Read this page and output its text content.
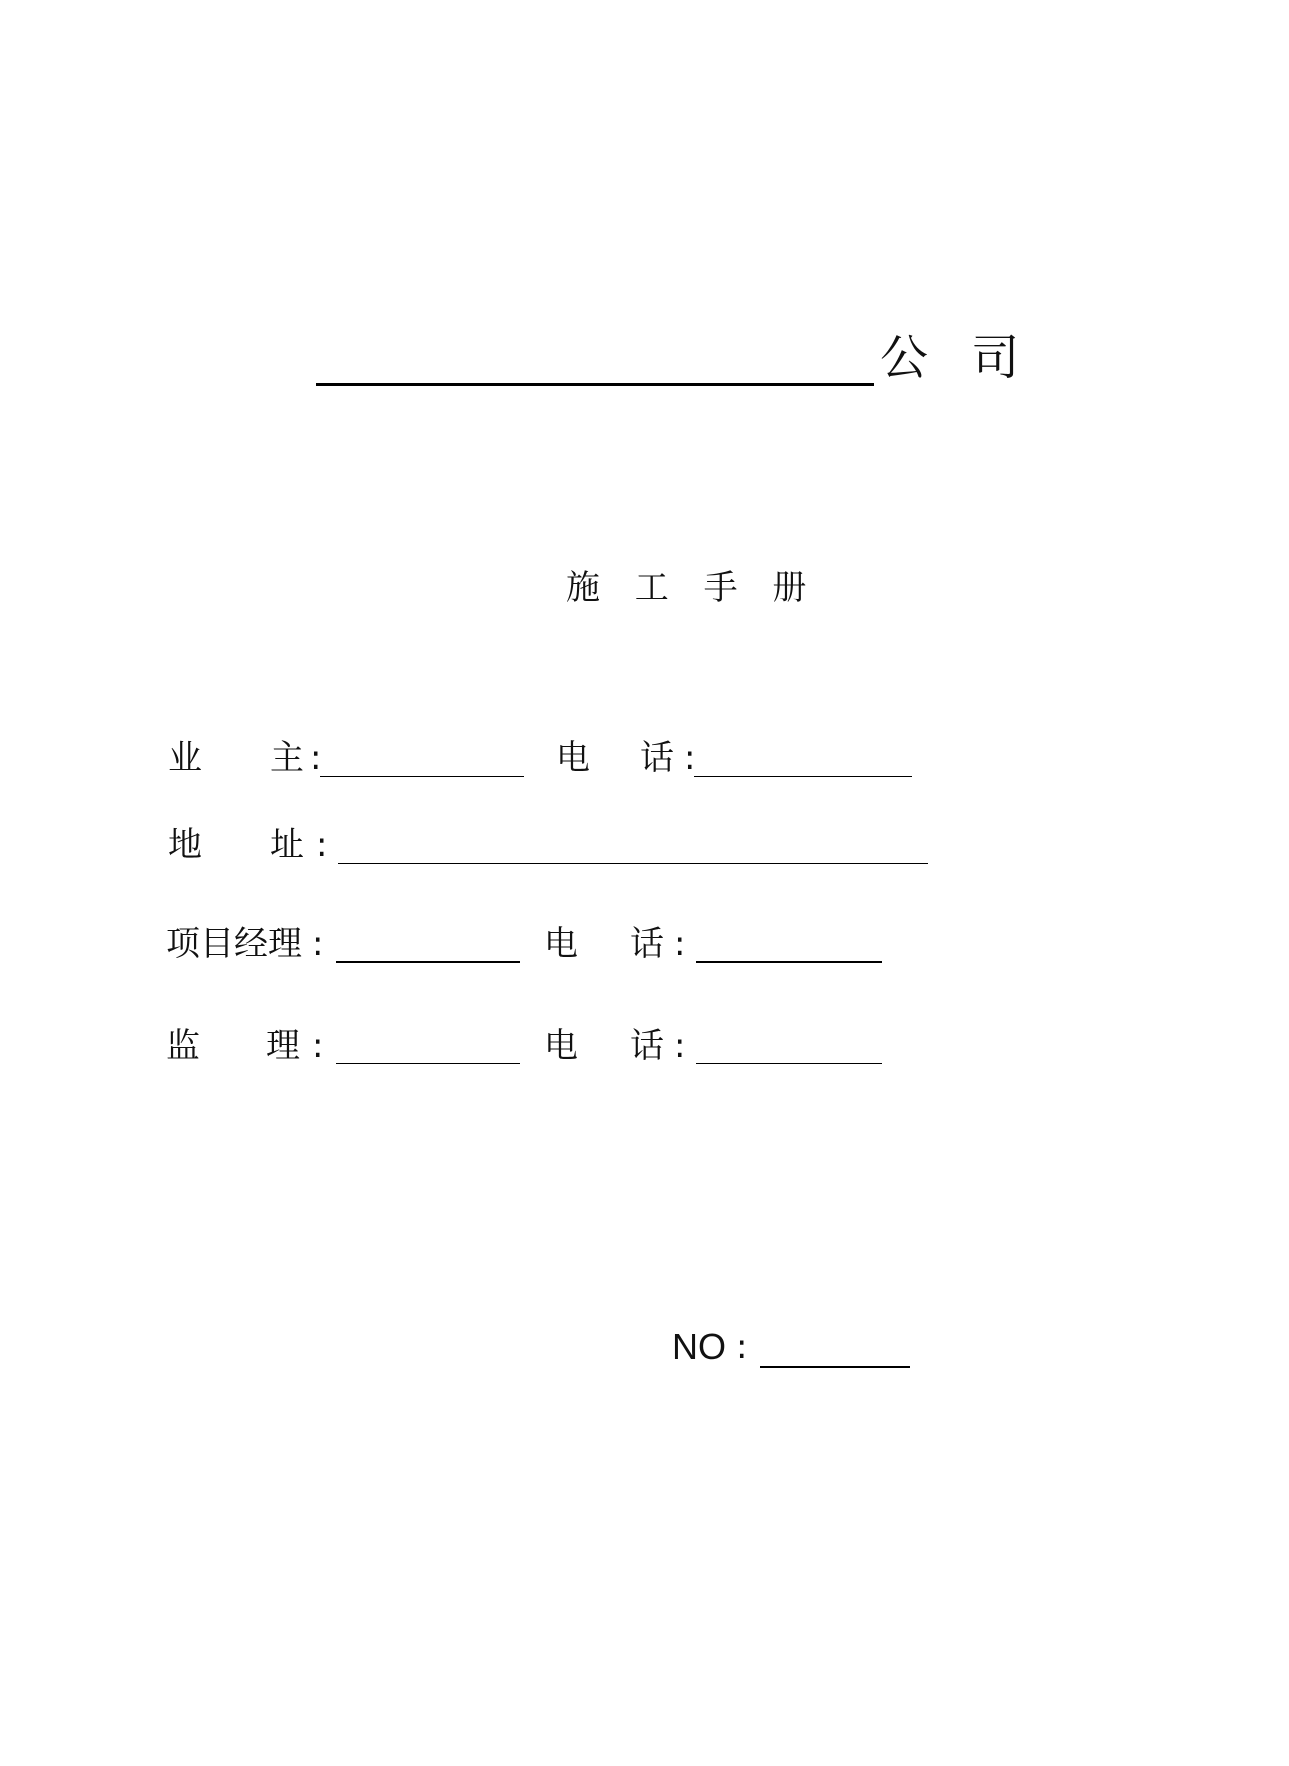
公 司
施 工 手 册
业 主 :	电 话 :
地 址 :
项目经理 :	电 话 :
监 理 :	电 话 :
NO :
